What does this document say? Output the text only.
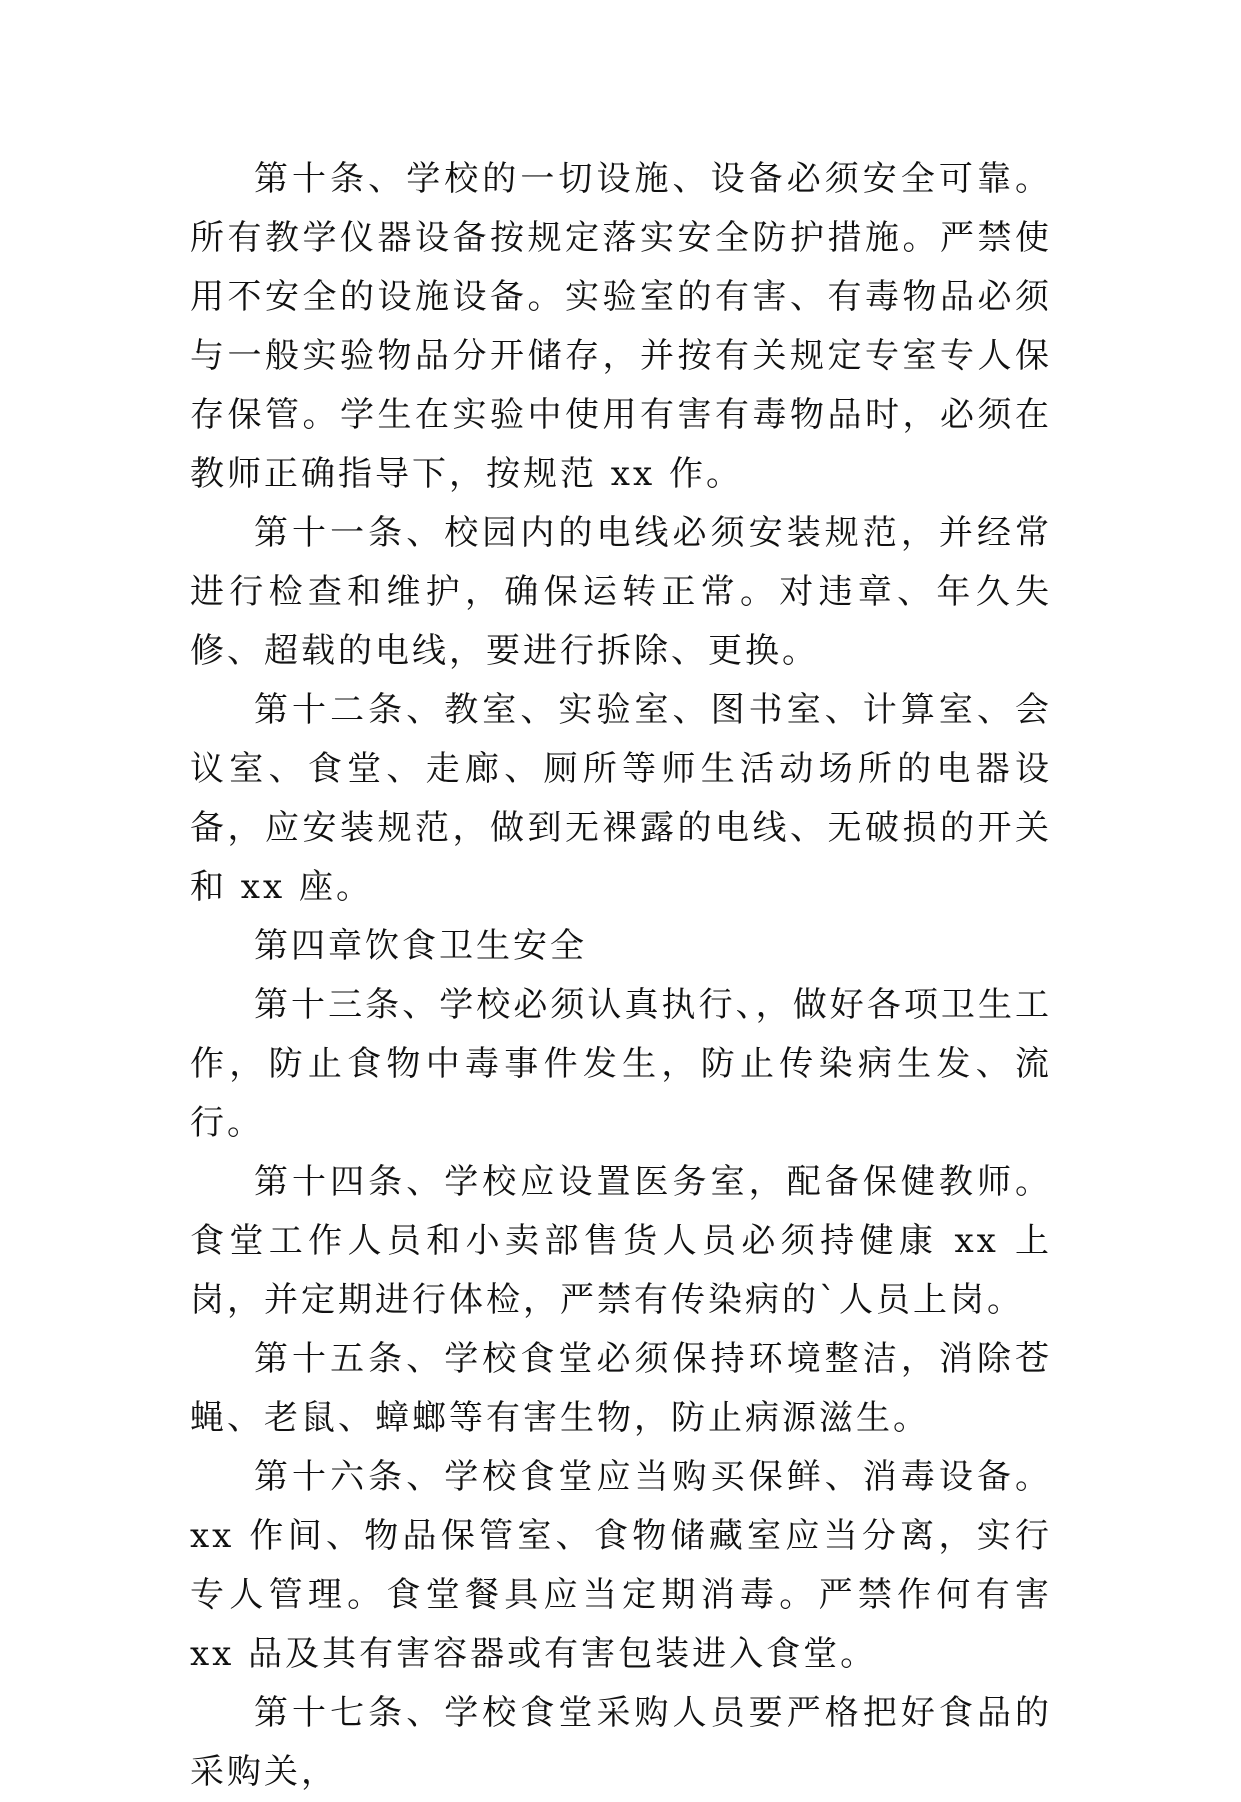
第十条、学校的一切设施、设备必须安全可靠。所有教学仪器设备按规定落实安全防护措施。严禁使用不安全的设施设备。实验室的有害、有毒物品必须与一般实验物品分开储存，并按有关规定专室专人保存保管。学生在实验中使用有害有毒物品时，必须在教师正确指导下，按规范 xx 作。

第十一条、校园内的电线必须安装规范，并经常进行检查和维护，确保运转正常。对违章、年久失修、超载的电线，要进行拆除、更换。

第十二条、教室、实验室、图书室、计算室、会议室、食堂、走廊、厕所等师生活动场所的电器设备，应安装规范，做到无裸露的电线、无破损的开关和 xx 座。

第四章饮食卫生安全

第十三条、学校必须认真执行、，做好各项卫生工作，防止食物中毒事件发生，防止传染病生发、流行。

第十四条、学校应设置医务室，配备保健教师。食堂工作人员和小卖部售货人员必须持健康 xx 上岗，并定期进行体检，严禁有传染病的`人员上岗。

第十五条、学校食堂必须保持环境整洁，消除苍蝇、老鼠、蟑螂等有害生物，防止病源滋生。

第十六条、学校食堂应当购买保鲜、消毒设备。xx 作间、物品保管室、食物储藏室应当分离，实行专人管理。食堂餐具应当定期消毒。严禁作何有害 xx 品及其有害容器或有害包装进入食堂。

第十七条、学校食堂采购人员要严格把好食品的采购关，
